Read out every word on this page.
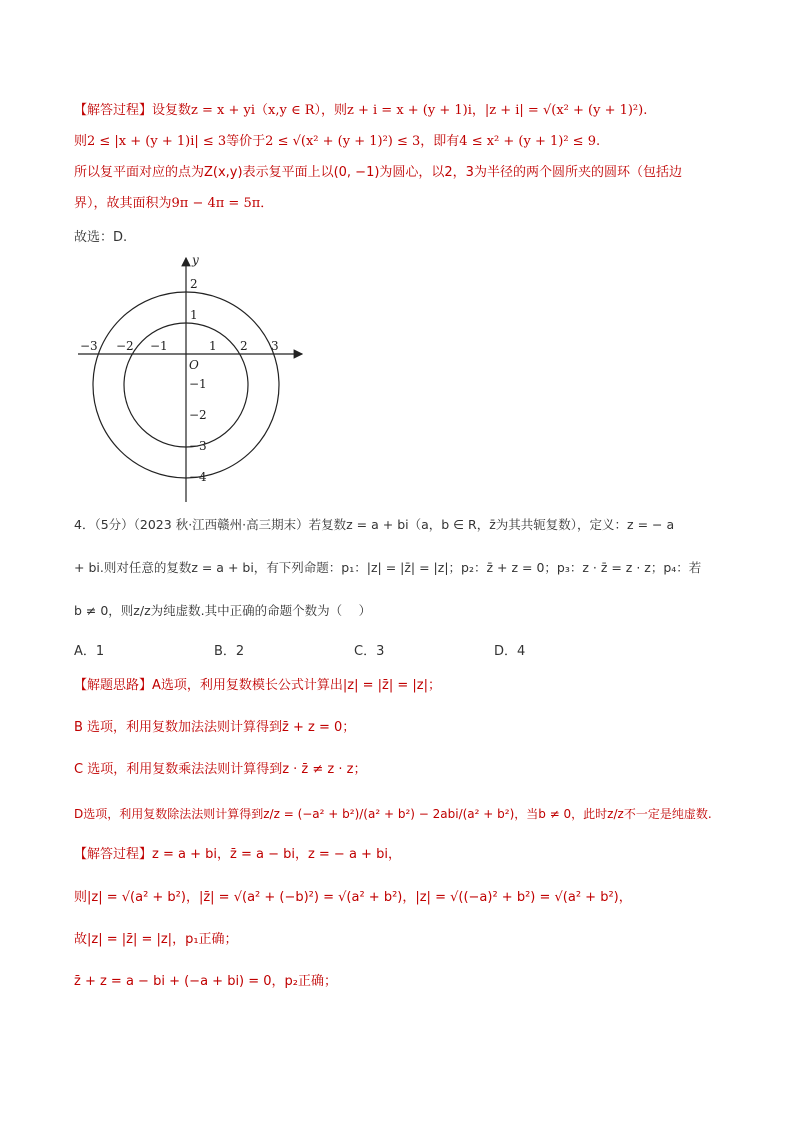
【解答过程】设复数z = x + yi（x,y ∈ R），则z + i = x + (y + 1)i，|z + i| = √(x² + (y + 1)²).
则2 ≤ |x + (y + 1)i| ≤ 3等价于2 ≤ √(x² + (y + 1)²) ≤ 3，即有4 ≤ x² + (y + 1)² ≤ 9.
所以复平面对应的点为Z(x,y)表示复平面上以(0, −1)为圆心，以2，3为半径的两个圆所夹的圆环（包括边
界），故其面积为9π − 4π = 5π．
故选：D.
y
O
−3 −2 −1	1 2 3
2
1
−1
−2
−3
−4
4．（5分）（2023 秋·江西赣州·高三期末）若复数z = a + bi（a，b ∈ R，z̄为其共轭复数），定义：z = − a
+ bi.则对任意的复数z = a + bi，有下列命题：p₁：|z| = |z̄| = |z|；p₂：z̄ + z = 0；p₃：z · z̄ = z · z；p₄：若
b ≠ 0，则z/z为纯虚数.其中正确的命题个数为（　 ）
A．1	B．2	C．3	D．4
【解题思路】A选项，利用复数模长公式计算出|z| = |z̄| = |z|；
B 选项，利用复数加法法则计算得到z̄ + z = 0；
C 选项，利用复数乘法法则计算得到z · z̄ ≠ z · z；
D选项，利用复数除法法则计算得到z/z = (−a² + b²)/(a² + b²) − 2abi/(a² + b²)，当b ≠ 0，此时z/z不一定是纯虚数.
【解答过程】z = a + bi，z̄ = a − bi，z = − a + bi，
则|z| = √(a² + b²)，|z̄| = √(a² + (−b)²) = √(a² + b²)，|z| = √((−a)² + b²) = √(a² + b²)，
故|z| = |z̄| = |z|，p₁正确；
z̄ + z = a − bi + (−a + bi) = 0，p₂正确；
